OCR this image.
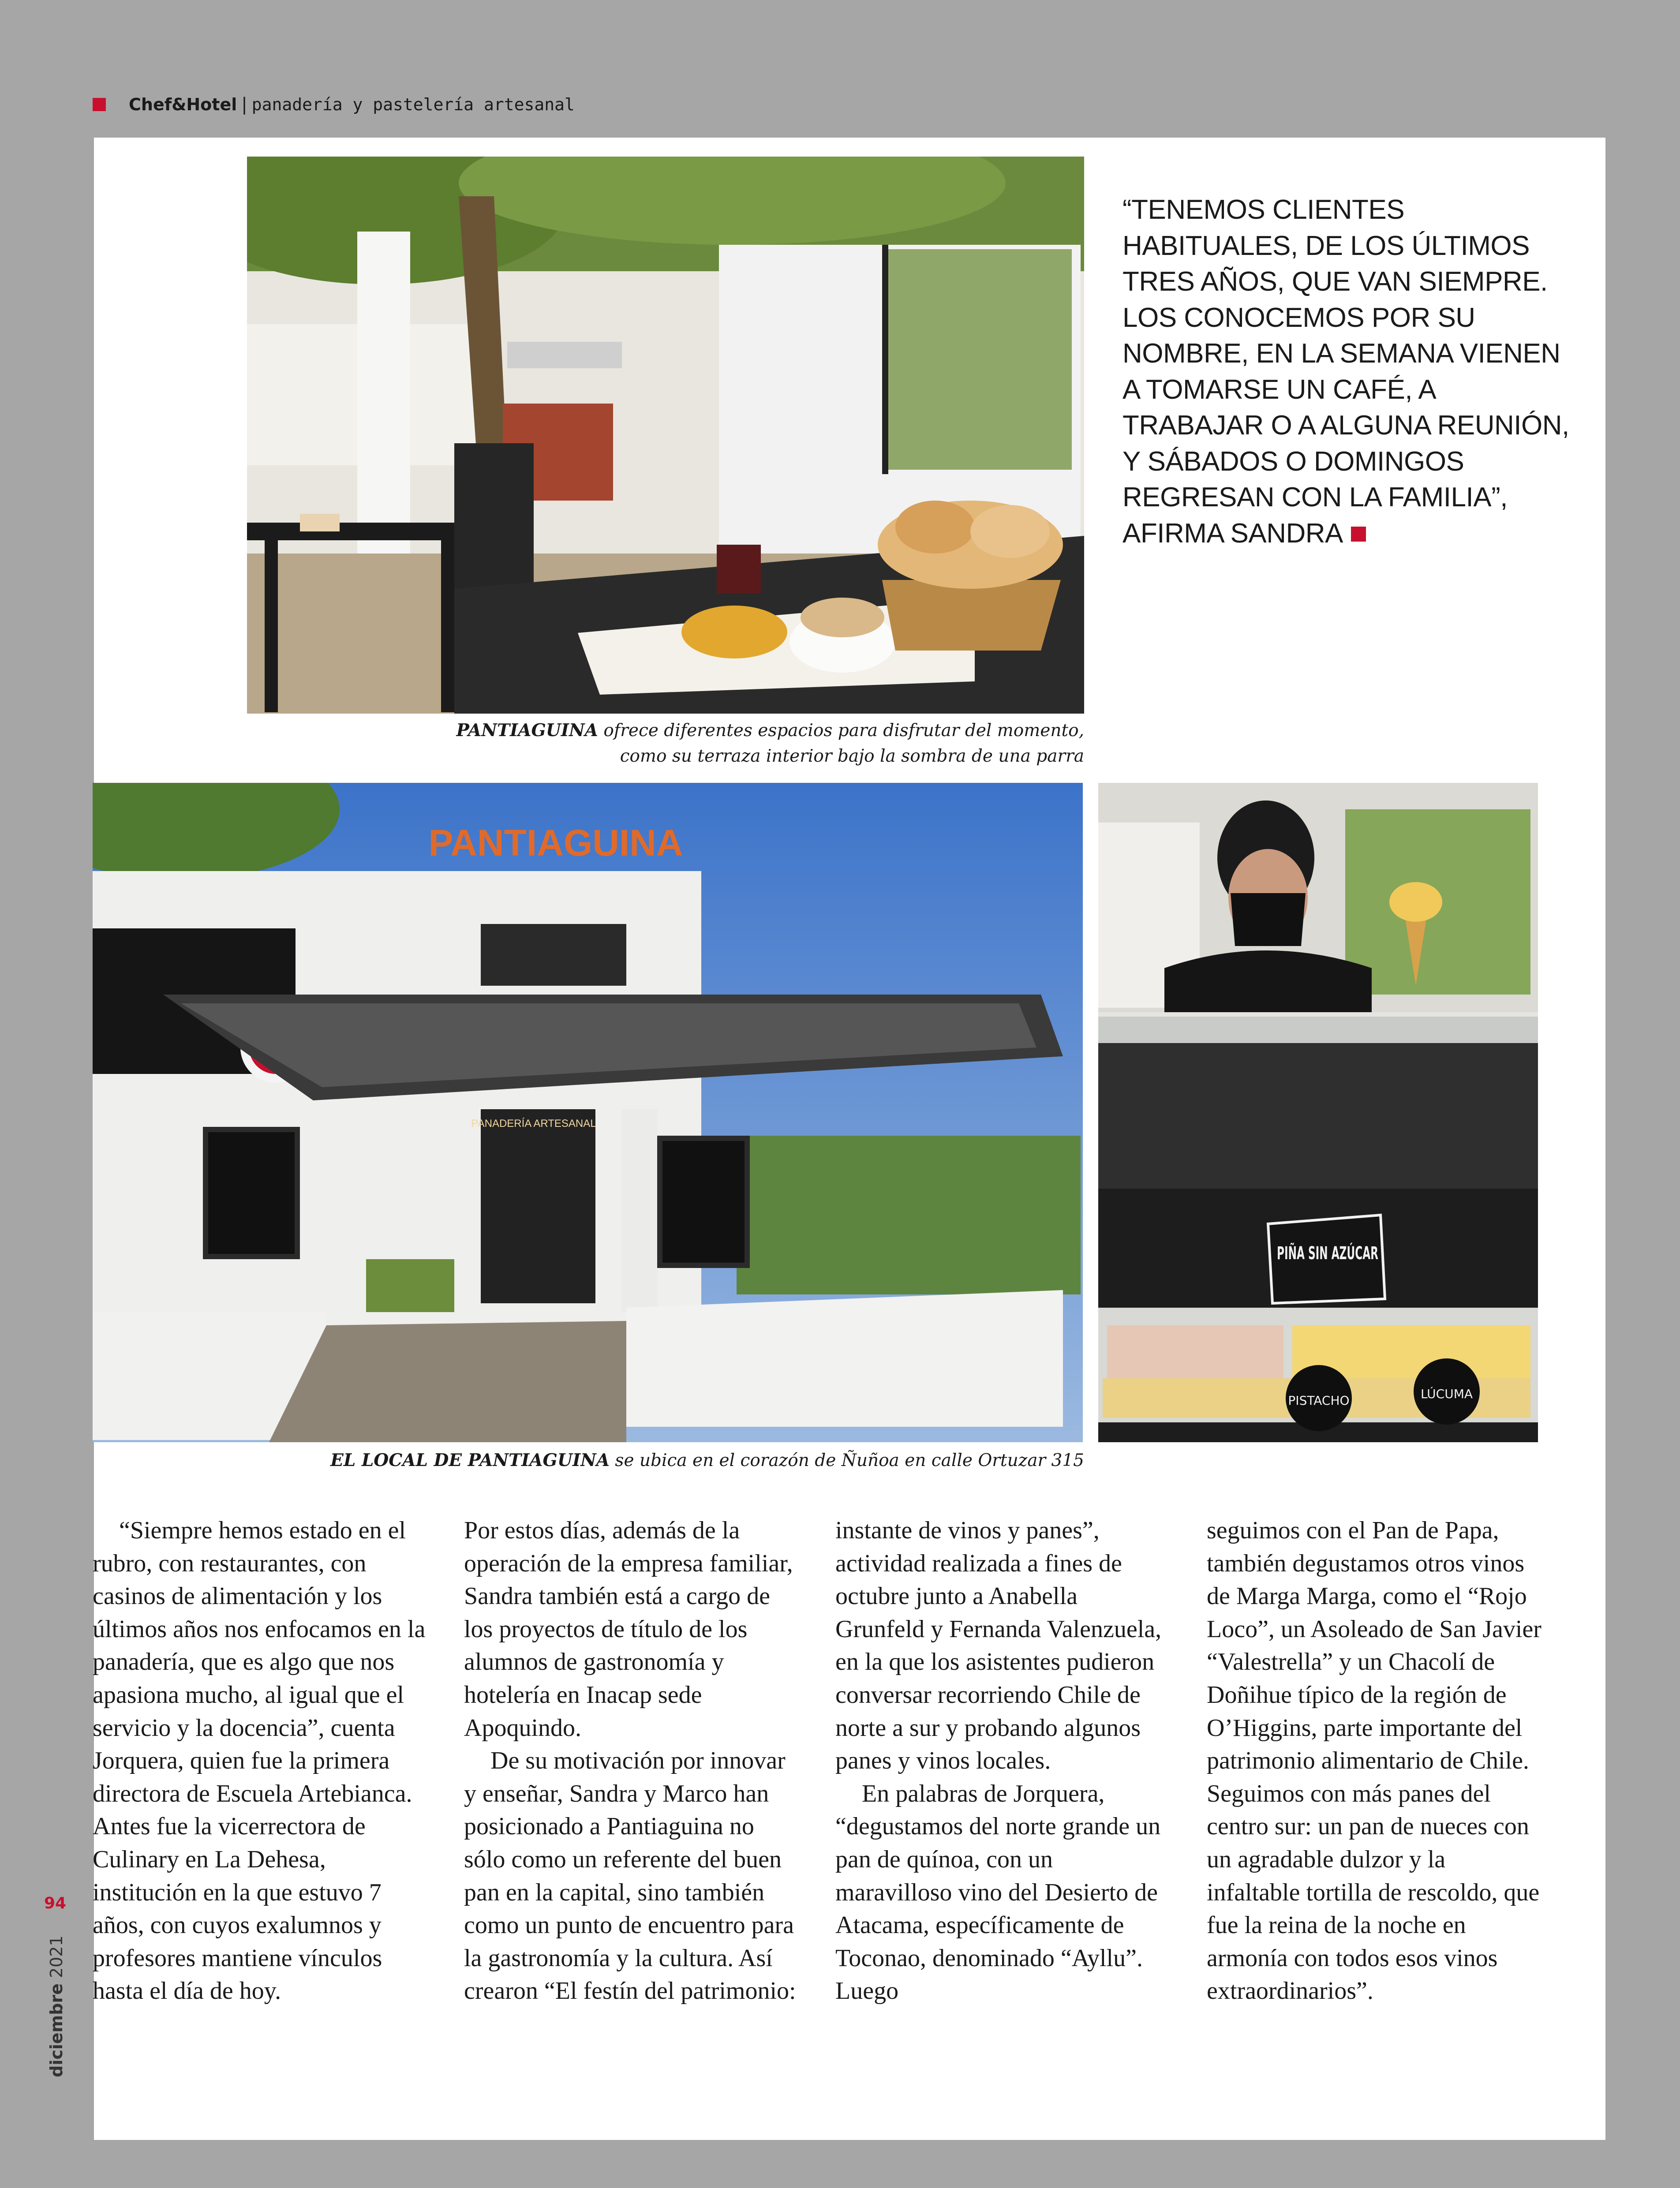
Chef&Hotel | panadería y pastelería artesanal
PANTIAGUINA ofrece diferentes espacios para disfrutar del momento,
como su terraza interior bajo la sombra de una parra
“TENEMOS CLIENTES HABITUALES, DE LOS ÚLTIMOS TRES AÑOS, QUE VAN SIEMPRE. LOS CONOCEMOS POR SU NOMBRE, EN LA SEMANA VIENEN A TOMARSE UN CAFÉ, A TRABAJAR O A ALGUNA REUNIÓN, Y SÁBADOS O DOMINGOS REGRESAN CON LA FAMILIA”, AFIRMA SANDRA
PANTIAGUINA
PANADERÍA ARTESANAL
PIÑA SIN AZÚCAR
PISTACHO	LÚCUMA
EL LOCAL DE PANTIAGUINA se ubica en el corazón de Ñuñoa en calle Ortuzar 315

“Siempre hemos estado en el rubro, con restaurantes, con casinos de alimentación y los últimos años nos enfocamos en la panadería, que es algo que nos apasiona mucho, al igual que el servicio y la docencia”, cuenta Jorquera, quien fue la primera directora de Escuela Artebianca. Antes fue la vicerrectora de Culinary en La Dehesa, institución en la que estuvo 7 años, con cuyos exalumnos y profesores mantiene vínculos hasta el día de hoy.

Por estos días, además de la operación de la empresa familiar, Sandra también está a cargo de los proyectos de título de los alumnos de gastronomía y hotelería en Inacap sede Apoquindo.

De su motivación por innovar y enseñar, Sandra y Marco han posicionado a Pantiaguina no sólo como un referente del buen pan en la capital, sino también como un punto de encuentro para la gastronomía y la cultura. Así crearon “El festín del patrimonio:

instante de vinos y panes”, actividad realizada a fines de octubre junto a Anabella Grunfeld y Fernanda Valenzuela, en la que los asistentes pudieron conversar recorriendo Chile de norte a sur y probando algunos panes y vinos locales.

En palabras de Jorquera, “degustamos del norte grande un pan de quínoa, con un maravilloso vino del Desierto de Atacama, específicamente de Toconao, denominado “Ayllu”. Luego

seguimos con el Pan de Papa, también degustamos otros vinos de Marga Marga, como el “Rojo Loco”, un Asoleado de San Javier “Valestrella” y un Chacolí de Doñihue típico de la región de O’Higgins, parte importante del patrimonio alimentario de Chile. Seguimos con más panes del centro sur: un pan de nueces con un agradable dulzor y la infaltable tortilla de rescoldo, que fue la reina de la noche en armonía con todos esos vinos extraordinarios”.

94
diciembre 2021
